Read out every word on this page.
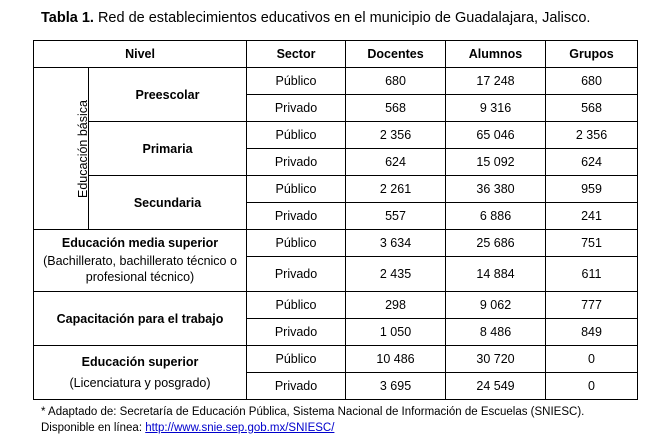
Tabla 1. Red de establecimientos educativos en el municipio de Guadalajara, Jalisco.
Nivel		Sector	Docentes	Alumnos	Grupos
Educación básica	Preescolar	Público	680	17 248	680
		Privado	568	9 316	568
	Primaria	Público	2 356	65 046	2 356
		Privado	624	15 092	624
	Secundaria	Público	2 261	36 380	959
		Privado	557	6 886	241
Educación media superior
(Bachillerato, bachillerato técnico o profesional técnico)		Público	3 634	25 686	751
		Privado	2 435	14 884	611
Capacitación para el trabajo		Público	298	9 062	777
		Privado	1 050	8 486	849
Educación superior
(Licenciatura y posgrado)		Público	10 486	30 720	0
		Privado	3 695	24 549	0
* Adaptado de: Secretaría de Educación Pública, Sistema Nacional de Información de Escuelas (SNIESC). Disponible en línea: http://www.snie.sep.gob.mx/SNIESC/
